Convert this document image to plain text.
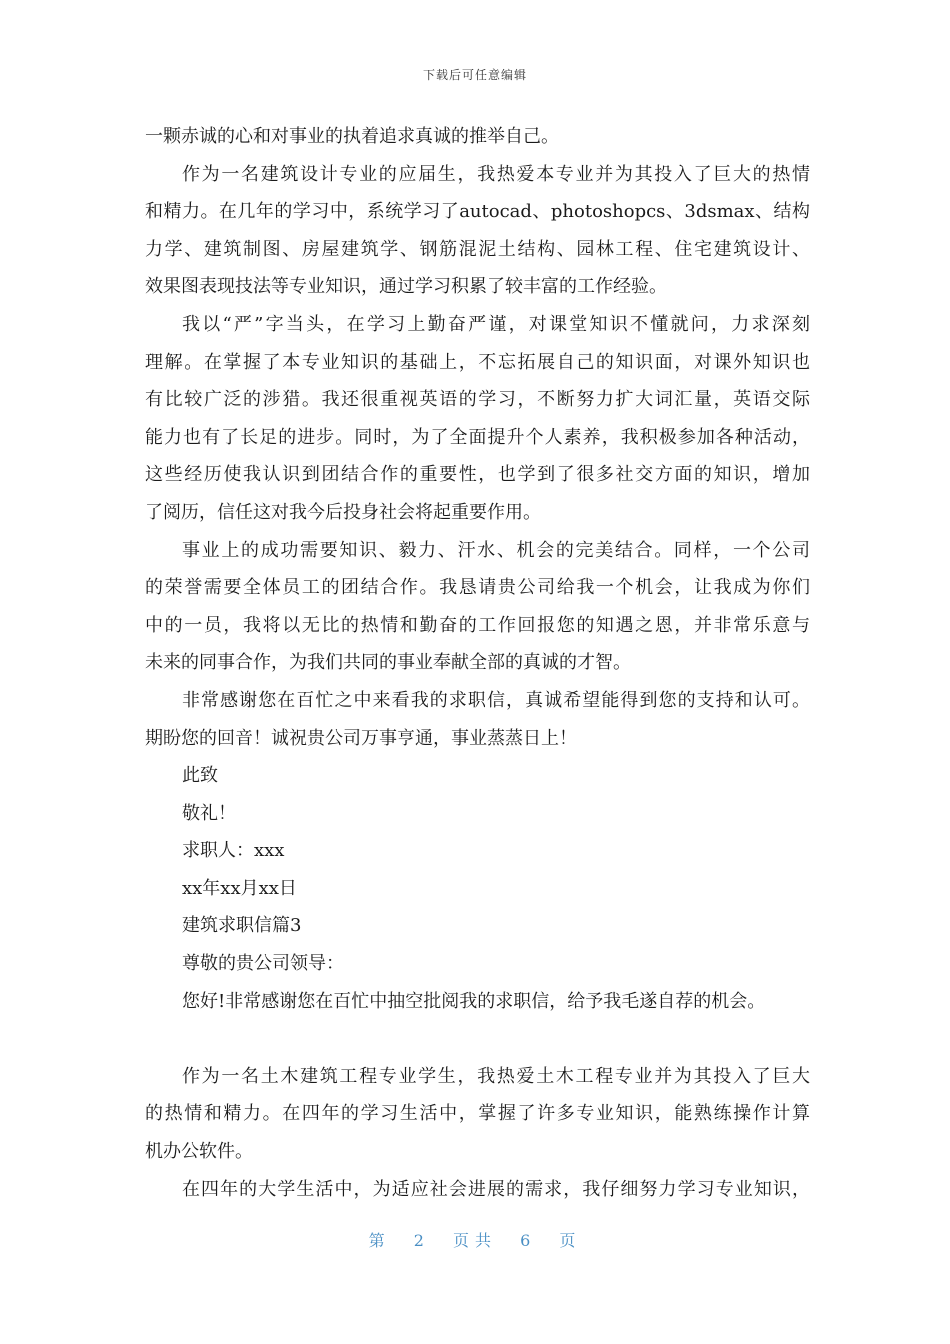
下载后可任意编辑
一颗赤诚的心和对事业的执着追求真诚的推举自己。
作为一名建筑设计专业的应届生，我热爱本专业并为其投入了巨大的热情
和精力。在几年的学习中，系统学习了autocad、photoshopcs、3dsmax、结构
力学、建筑制图、房屋建筑学、钢筋混泥土结构、园林工程、住宅建筑设计、
效果图表现技法等专业知识，通过学习积累了较丰富的工作经验。
我以“严”字当头，在学习上勤奋严谨，对课堂知识不懂就问，力求深刻
理解。在掌握了本专业知识的基础上，不忘拓展自己的知识面，对课外知识也
有比较广泛的涉猎。我还很重视英语的学习，不断努力扩大词汇量，英语交际
能力也有了长足的进步。同时，为了全面提升个人素养，我积极参加各种活动，
这些经历使我认识到团结合作的重要性，也学到了很多社交方面的知识，增加
了阅历，信任这对我今后投身社会将起重要作用。
事业上的成功需要知识、毅力、汗水、机会的完美结合。同样，一个公司
的荣誉需要全体员工的团结合作。我恳请贵公司给我一个机会，让我成为你们
中的一员，我将以无比的热情和勤奋的工作回报您的知遇之恩，并非常乐意与
未来的同事合作，为我们共同的事业奉献全部的真诚的才智。
非常感谢您在百忙之中来看我的求职信，真诚希望能得到您的支持和认可。
期盼您的回音！诚祝贵公司万事亨通，事业蒸蒸日上！
此致
敬礼！
求职人：xxx
xx年xx月xx日
建筑求职信篇3
尊敬的贵公司领导：
您好!非常感谢您在百忙中抽空批阅我的求职信，给予我毛遂自荐的机会。
作为一名土木建筑工程专业学生，我热爱土木工程专业并为其投入了巨大
的热情和精力。在四年的学习生活中，掌握了许多专业知识，能熟练操作计算
机办公软件。
在四年的大学生活中，为适应社会进展的需求，我仔细努力学习专业知识，
第 2 页共 6 页
